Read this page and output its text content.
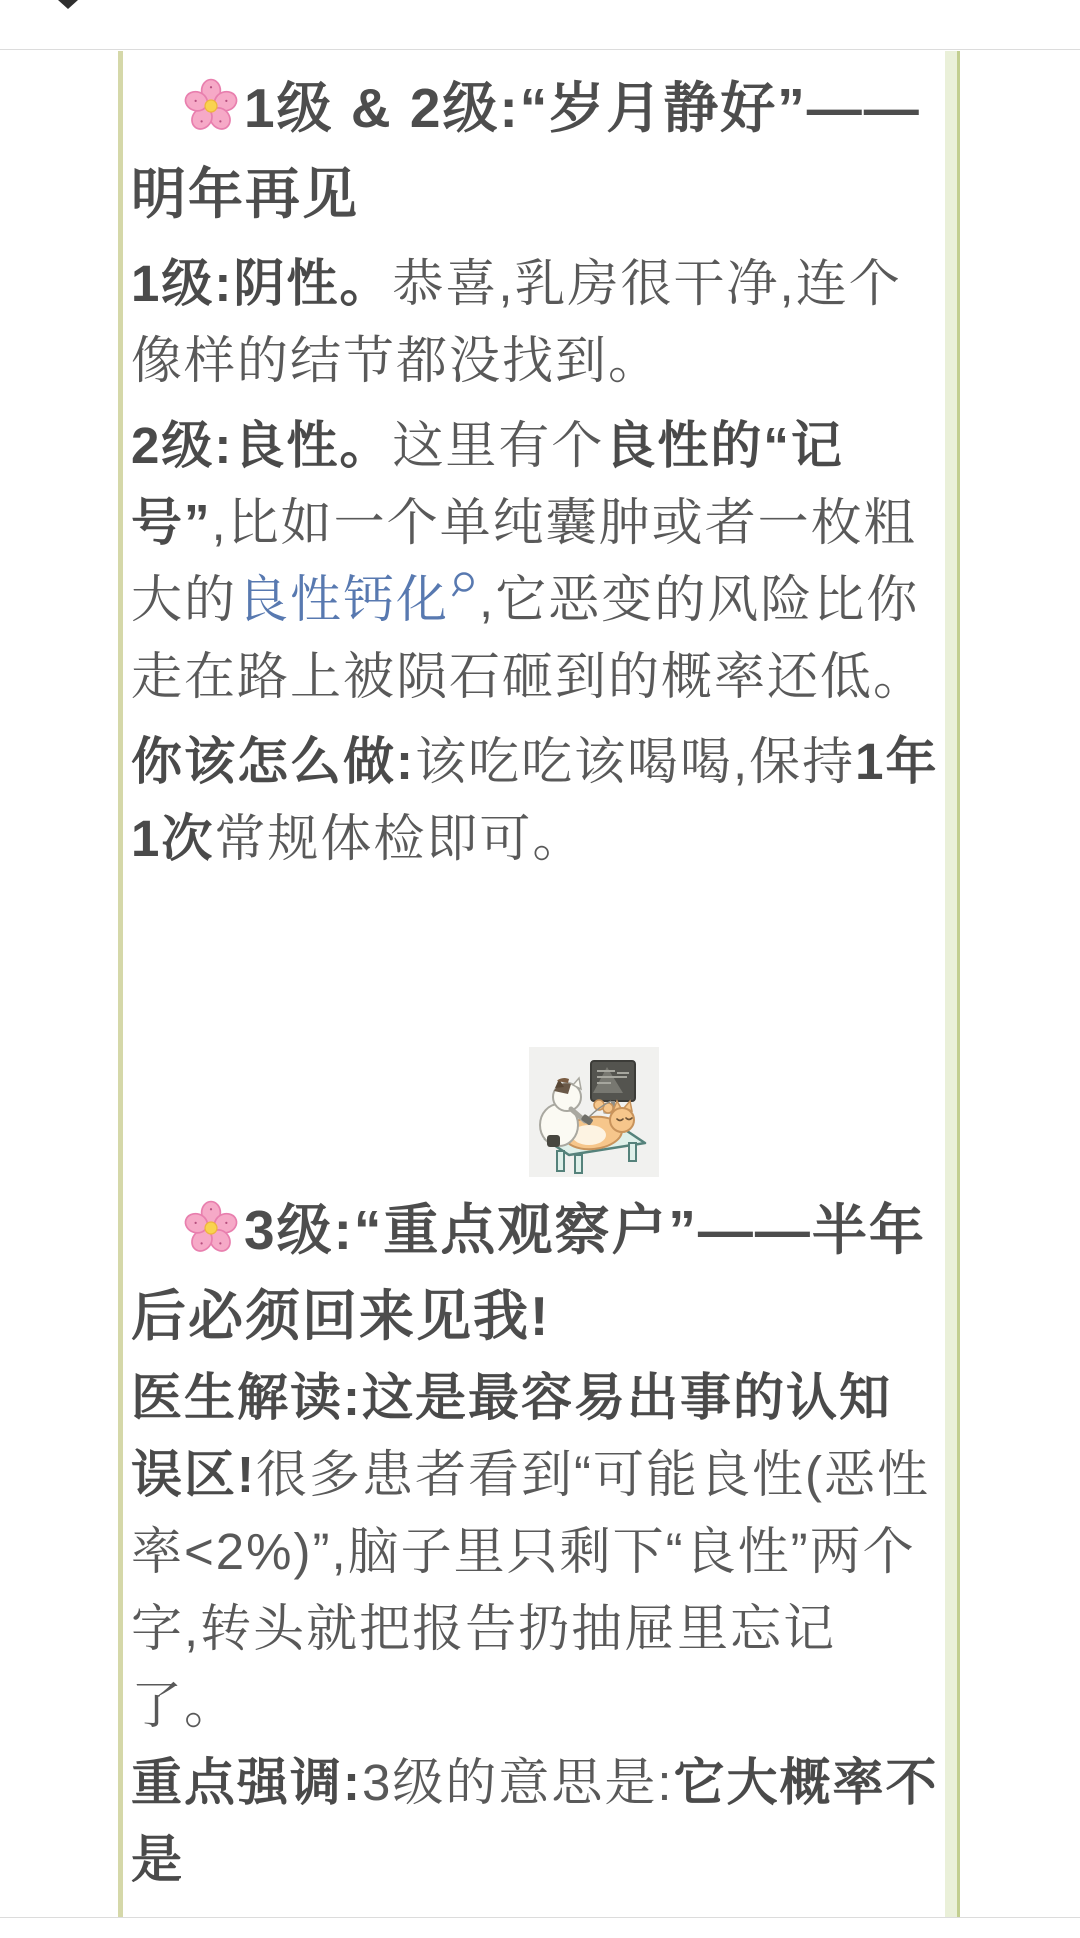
1级 & 2级:“岁月静好”——明年再见

1级:阴性。恭喜,乳房很干净,连个像样的结节都没找到。

2级:良性。这里有个良性的“记号”,比如一个单纯囊肿或者一枚粗大的良性钙化 ,它恶变的风险比你走在路上被陨石砸到的概率还低。

你该怎么做:该吃吃该喝喝,保持1年1次常规体检即可。

3级:“重点观察户”——半年后必须回来见我!

医生解读:这是最容易出事的认知误区!很多患者看到“可能良性(恶性率<2%)”,脑子里只剩下“良性”两个字,转头就把报告扔抽屉里忘记了。

重点强调:3级的意思是:它大概率不是
